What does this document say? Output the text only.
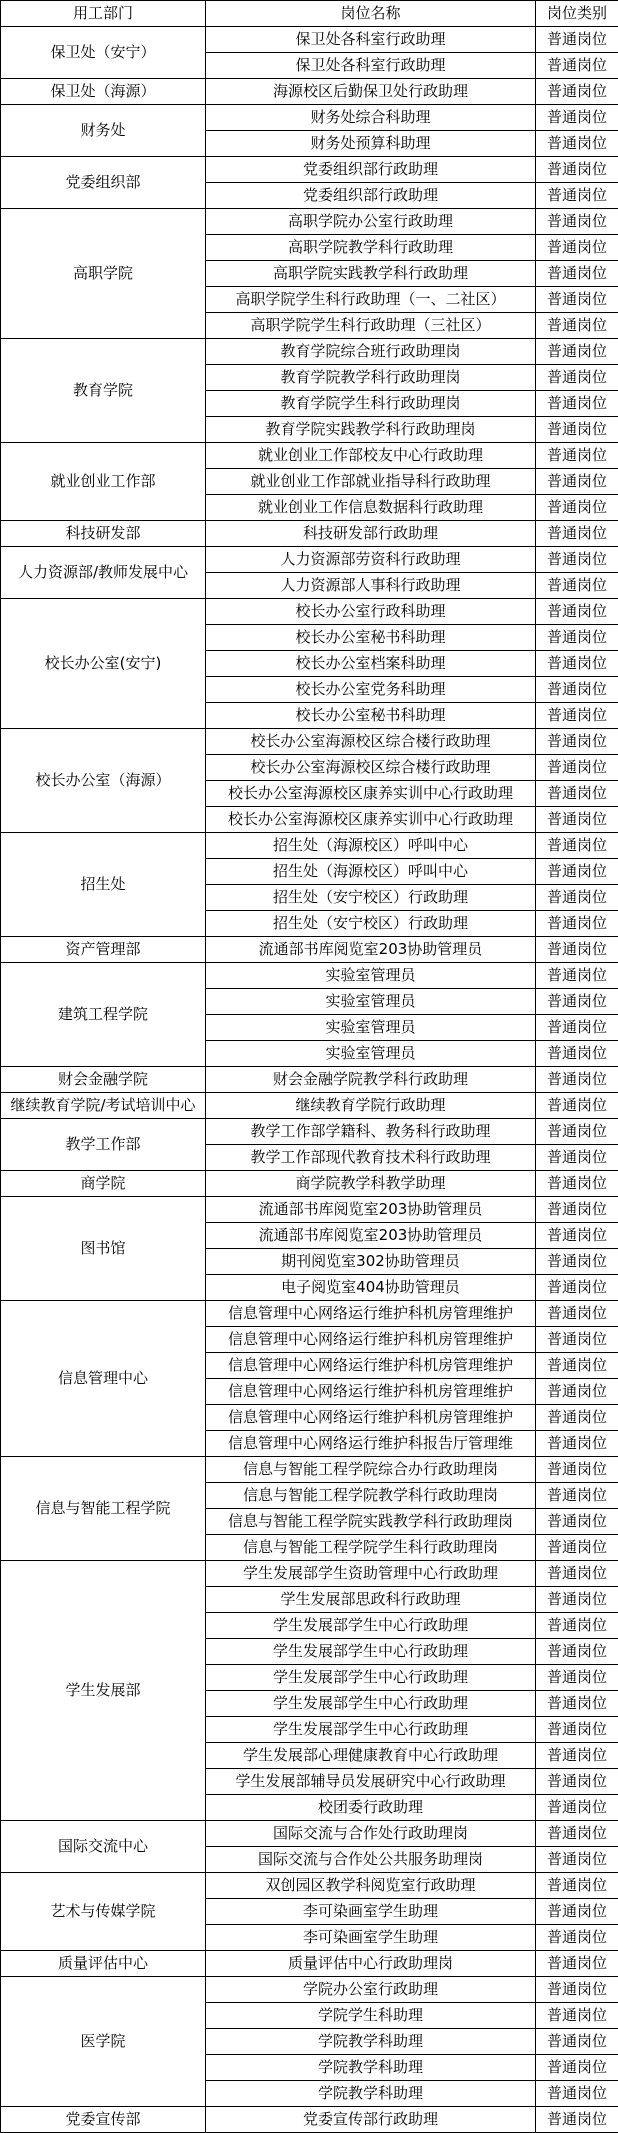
用工部门	岗位名称	岗位类别
保卫处（安宁）	保卫处各科室行政助理	普通岗位
	保卫处各科室行政助理	普通岗位
保卫处（海源）	海源校区后勤保卫处行政助理	普通岗位
财务处	财务处综合科助理	普通岗位
	财务处预算科助理	普通岗位
党委组织部	党委组织部行政助理	普通岗位
	党委组织部行政助理	普通岗位
高职学院	高职学院办公室行政助理	普通岗位
	高职学院教学科行政助理	普通岗位
	高职学院实践教学科行政助理	普通岗位
	高职学院学生科行政助理（一、二社区）	普通岗位
	高职学院学生科行政助理（三社区）	普通岗位
教育学院	教育学院综合班行政助理岗	普通岗位
	教育学院教学科行政助理岗	普通岗位
	教育学院学生科行政助理岗	普通岗位
	教育学院实践教学科行政助理岗	普通岗位
就业创业工作部	就业创业工作部校友中心行政助理	普通岗位
	就业创业工作部就业指导科行政助理	普通岗位
	就业创业工作信息数据科行政助理	普通岗位
科技研发部	科技研发部行政助理	普通岗位
人力资源部/教师发展中心	人力资源部劳资科行政助理	普通岗位
	人力资源部人事科行政助理	普通岗位
校长办公室(安宁)	校长办公室行政科助理	普通岗位
	校长办公室秘书科助理	普通岗位
	校长办公室档案科助理	普通岗位
	校长办公室党务科助理	普通岗位
	校长办公室秘书科助理	普通岗位
校长办公室（海源）	校长办公室海源校区综合楼行政助理	普通岗位
	校长办公室海源校区综合楼行政助理	普通岗位
	校长办公室海源校区康养实训中心行政助理	普通岗位
	校长办公室海源校区康养实训中心行政助理	普通岗位
招生处	招生处（海源校区）呼叫中心	普通岗位
	招生处（海源校区）呼叫中心	普通岗位
	招生处（安宁校区）行政助理	普通岗位
	招生处（安宁校区）行政助理	普通岗位
资产管理部	流通部书库阅览室203协助管理员	普通岗位
建筑工程学院	实验室管理员	普通岗位
	实验室管理员	普通岗位
	实验室管理员	普通岗位
	实验室管理员	普通岗位
财会金融学院	财会金融学院教学科行政助理	普通岗位
继续教育学院/考试培训中心	继续教育学院行政助理	普通岗位
教学工作部	教学工作部学籍科、教务科行政助理	普通岗位
	教学工作部现代教育技术科行政助理	普通岗位
商学院	商学院教学科教学助理	普通岗位
图书馆	流通部书库阅览室203协助管理员	普通岗位
	流通部书库阅览室203协助管理员	普通岗位
	期刊阅览室302协助管理员	普通岗位
	电子阅览室404协助管理员	普通岗位
信息管理中心	信息管理中心网络运行维护科机房管理维护	普通岗位
	信息管理中心网络运行维护科机房管理维护	普通岗位
	信息管理中心网络运行维护科机房管理维护	普通岗位
	信息管理中心网络运行维护科机房管理维护	普通岗位
	信息管理中心网络运行维护科机房管理维护	普通岗位
	信息管理中心网络运行维护科报告厅管理维	普通岗位
信息与智能工程学院	信息与智能工程学院综合办行政助理岗	普通岗位
	信息与智能工程学院教学科行政助理岗	普通岗位
	信息与智能工程学院实践教学科行政助理岗	普通岗位
	信息与智能工程学院学生科行政助理岗	普通岗位
学生发展部	学生发展部学生资助管理中心行政助理	普通岗位
	学生发展部思政科行政助理	普通岗位
	学生发展部学生中心行政助理	普通岗位
	学生发展部学生中心行政助理	普通岗位
	学生发展部学生中心行政助理	普通岗位
	学生发展部学生中心行政助理	普通岗位
	学生发展部学生中心行政助理	普通岗位
	学生发展部心理健康教育中心行政助理	普通岗位
	学生发展部辅导员发展研究中心行政助理	普通岗位
	校团委行政助理	普通岗位
国际交流中心	国际交流与合作处行政助理岗	普通岗位
	国际交流与合作处公共服务助理岗	普通岗位
艺术与传媒学院	双创园区教学科阅览室行政助理	普通岗位
	李可染画室学生助理	普通岗位
	李可染画室学生助理	普通岗位
质量评估中心	质量评估中心行政助理岗	普通岗位
医学院	学院办公室行政助理	普通岗位
	学院学生科助理	普通岗位
	学院教学科助理	普通岗位
	学院教学科助理	普通岗位
	学院教学科助理	普通岗位
党委宣传部	党委宣传部行政助理	普通岗位
